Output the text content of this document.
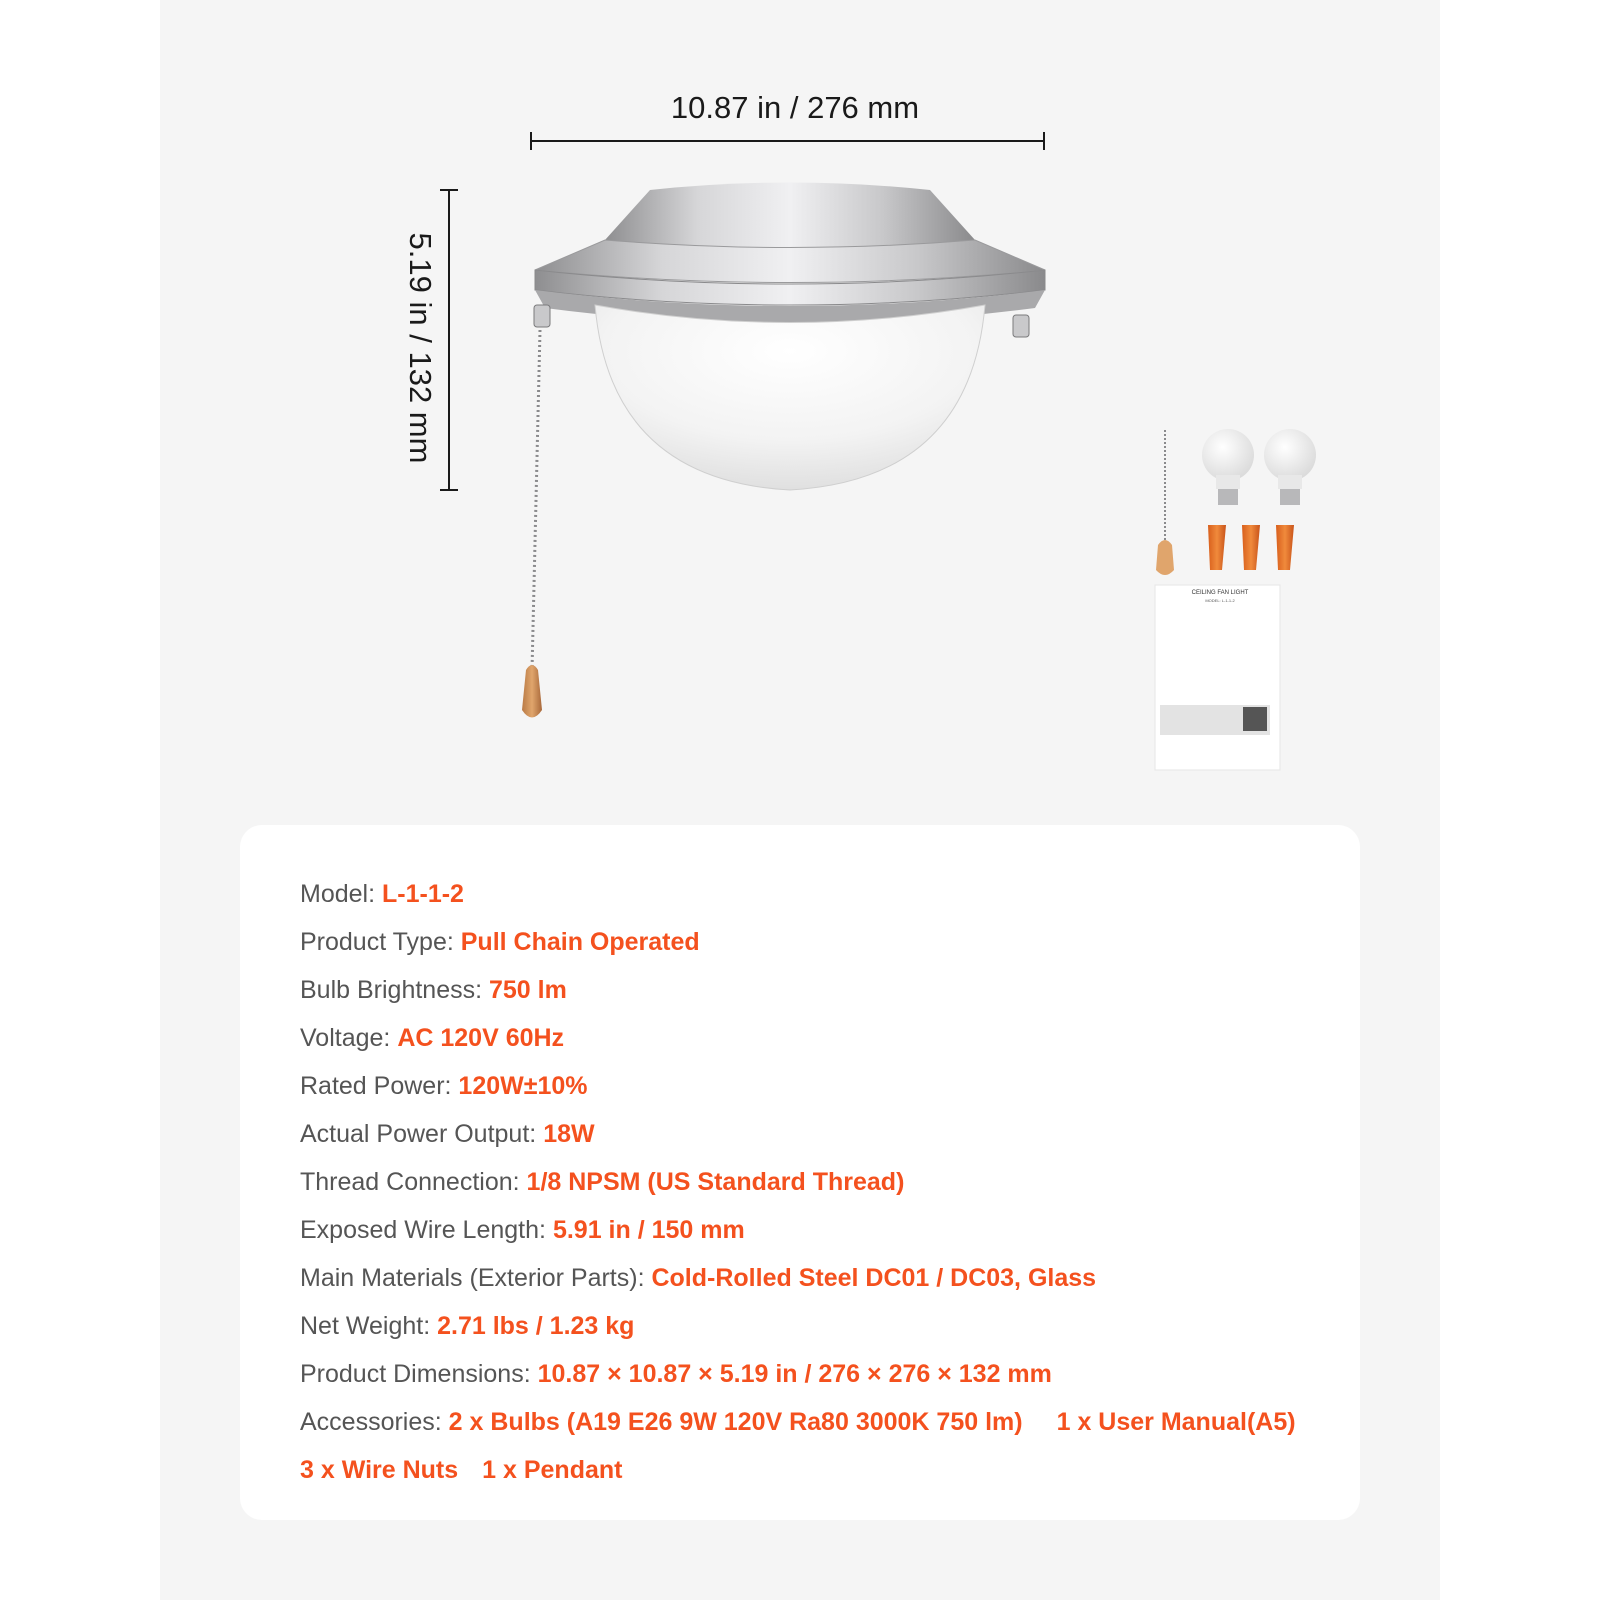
10.87 in / 276 mm
5.19 in / 132 mm
CEILING FAN LIGHT
MODEL: L-1-1-2
Model: L-1-1-2
Product Type: Pull Chain Operated
Bulb Brightness: 750 lm
Voltage: AC 120V 60Hz
Rated Power: 120W±10%
Actual Power Output: 18W
Thread Connection: 1/8 NPSM (US Standard Thread)
Exposed Wire Length: 5.91 in / 150 mm
Main Materials (Exterior Parts): Cold-Rolled Steel DC01 / DC03, Glass
Net Weight: 2.71 lbs / 1.23 kg
Product Dimensions: 10.87 × 10.87 × 5.19 in / 276 × 276 × 132 mm
Accessories: 2 x Bulbs (A19 E26 9W 120V Ra80 3000K 750 lm) 1 x User Manual(A5)
3 x Wire Nuts 1 x Pendant
